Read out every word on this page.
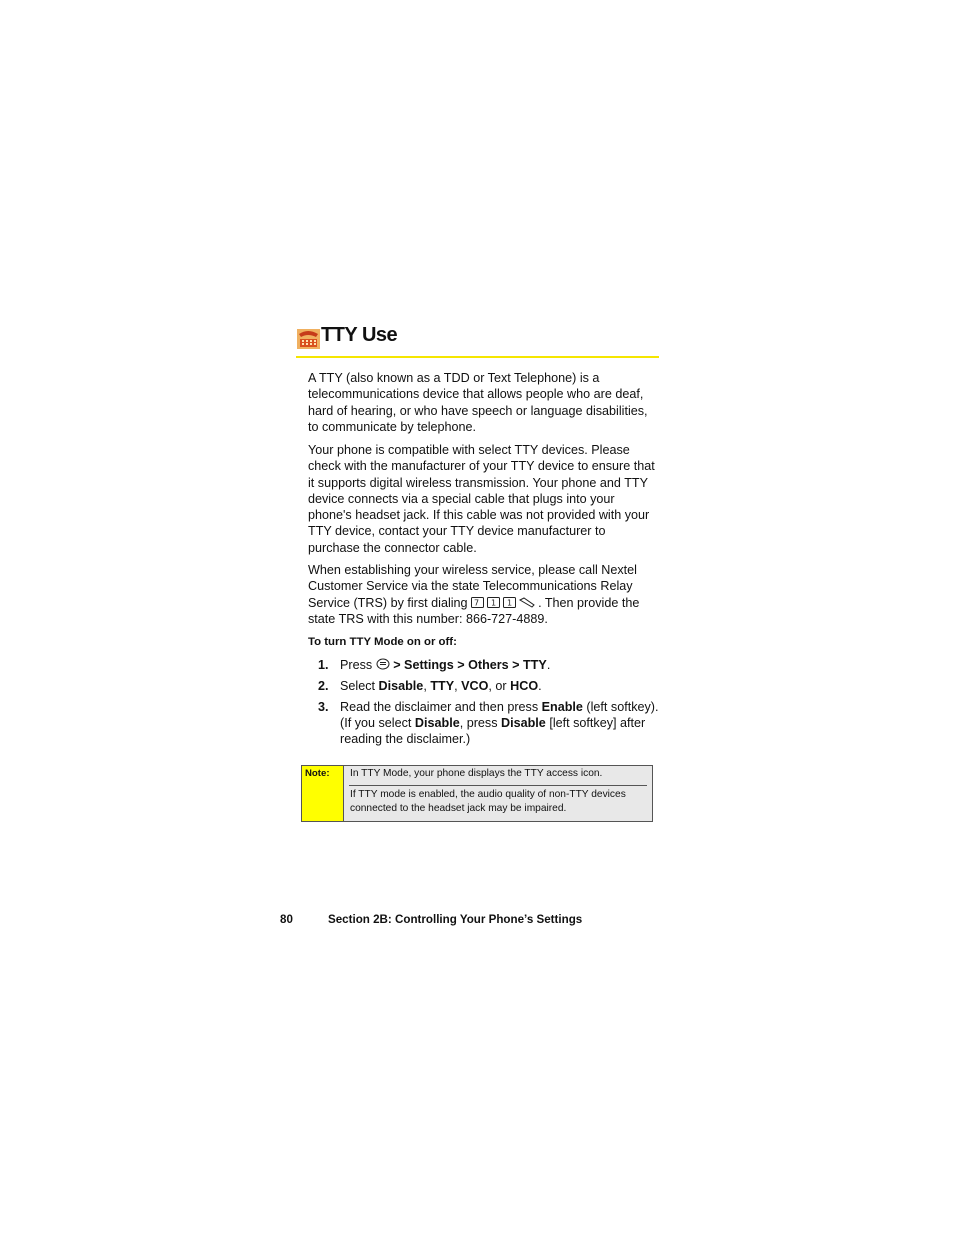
TTY Use

A TTY (also known as a TDD or Text Telephone) is a telecommunications device that allows people who are deaf, hard of hearing, or who have speech or language disabilities, to communicate by telephone.

Your phone is compatible with select TTY devices. Please check with the manufacturer of your TTY device to ensure that it supports digital wireless transmission. Your phone and TTY device connects via a special cable that plugs into your phone's headset jack. If this cable was not provided with your TTY device, contact your TTY device manufacturer to purchase the connector cable.

When establishing your wireless service, please call Nextel Customer Service via the state Telecommunications Relay Service (TRS) by first dialing 7 1 1 . Then provide the state TRS with this number: 866-727-4889.

To turn TTY Mode on or off:
1. Press > Settings > Others > TTY.
2. Select Disable, TTY, VCO, or HCO.
3. Read the disclaimer and then press Enable (left softkey). (If you select Disable, press Disable [left softkey] after reading the disclaimer.)
Note: In TTY Mode, your phone displays the TTY access icon.
If TTY mode is enabled, the audio quality of non-TTY devices connected to the headset jack may be impaired.
80	Section 2B: Controlling Your Phone’s Settings
